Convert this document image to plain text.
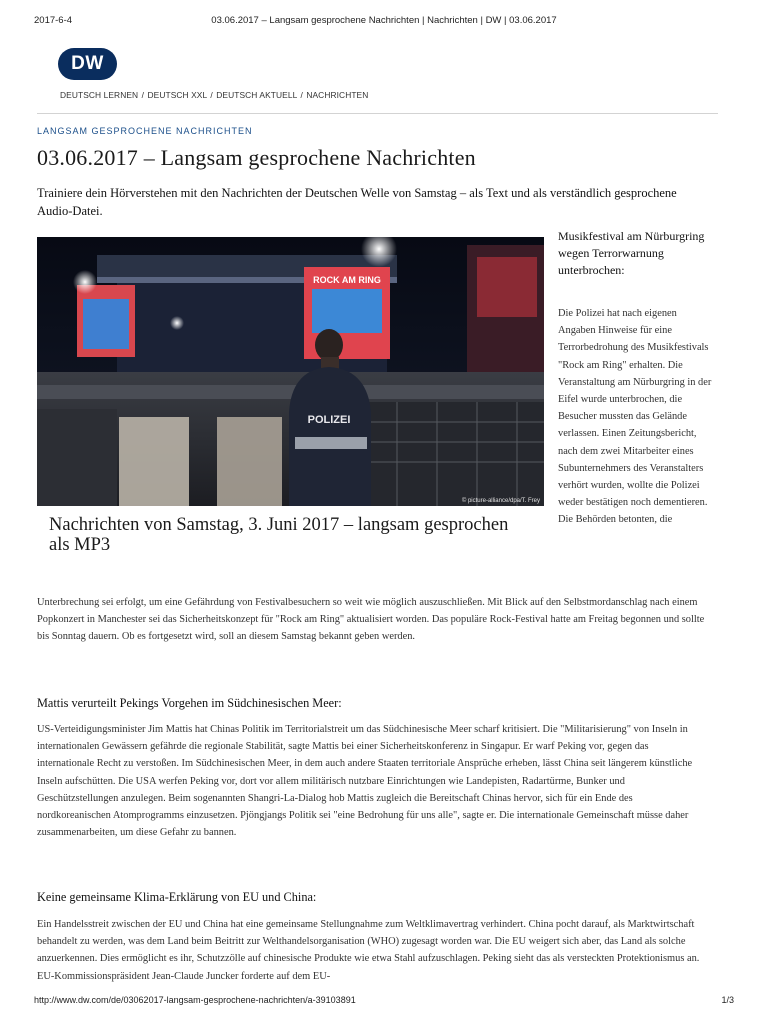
2017-6-4	03.06.2017 – Langsam gesprochene Nachrichten | Nachrichten | DW | 03.06.2017
DW
DEUTSCH LERNEN / DEUTSCH XXL / DEUTSCH AKTUELL / NACHRICHTEN
LANGSAM GESPROCHENE NACHRICHTEN
03.06.2017 – Langsam gesprochene Nachrichten

Trainiere dein Hörverstehen mit den Nachrichten der Deutschen Welle von Samstag – als Text und als verständlich gesprochene Audio-Datei.

ROCK AM RING
POLIZEI
© picture-alliance/dpa/T. Frey
Nachrichten von Samstag, 3. Juni 2017 – langsam gesprochen als MP3
Musikfestival am Nürburgring wegen Terrorwarnung unterbrochen:
Die Polizei hat nach eigenen Angaben Hinweise für eine Terrorbedrohung des Musikfestivals "Rock am Ring" erhalten. Die Veranstaltung am Nürburgring in der Eifel wurde unterbrochen, die Besucher mussten das Gelände verlassen. Einen Zeitungsbericht, nach dem zwei Mitarbeiter eines Subunternehmers des Veranstalters verhört wurden, wollte die Polizei weder bestätigen noch dementieren. Die Behörden betonten, die

Unterbrechung sei erfolgt, um eine Gefährdung von Festivalbesuchern so weit wie möglich auszuschließen. Mit Blick auf den Selbstmordanschlag nach einem Popkonzert in Manchester sei das Sicherheitskonzept für "Rock am Ring" aktualisiert worden. Das populäre Rock-Festival hatte am Freitag begonnen und sollte bis Sonntag dauern. Ob es fortgesetzt wird, soll an diesem Samstag bekannt geben werden.

Mattis verurteilt Pekings Vorgehen im Südchinesischen Meer:

US-Verteidigungsminister Jim Mattis hat Chinas Politik im Territorialstreit um das Südchinesische Meer scharf kritisiert. Die "Militarisierung" von Inseln in internationalen Gewässern gefährde die regionale Stabilität, sagte Mattis bei einer Sicherheitskonferenz in Singapur. Er warf Peking vor, gegen das internationale Recht zu verstoßen. Im Südchinesischen Meer, in dem auch andere Staaten territoriale Ansprüche erheben, lässt China seit längerem künstliche Inseln aufschütten. Die USA werfen Peking vor, dort vor allem militärisch nutzbare Einrichtungen wie Landepisten, Radartürme, Bunker und Geschützstellungen anzulegen. Beim sogenannten Shangri-La-Dialog hob Mattis zugleich die Bereitschaft Chinas hervor, sich für ein Ende des nordkoreanischen Atomprogramms einzusetzen. Pjöngjangs Politik sei "eine Bedrohung für uns alle", sagte er. Die internationale Gemeinschaft müsse daher zusammenarbeiten, um diese Gefahr zu bannen.

Keine gemeinsame Klima-Erklärung von EU und China:

Ein Handelsstreit zwischen der EU und China hat eine gemeinsame Stellungnahme zum Weltklimavertrag verhindert. China pocht darauf, als Marktwirtschaft behandelt zu werden, was dem Land beim Beitritt zur Welthandelsorganisation (WHO) zugesagt worden war. Die EU weigert sich aber, das Land als solche anzuerkennen. Dies ermöglicht es ihr, Schutzzölle auf chinesische Produkte wie etwa Stahl aufzuschlagen. Peking sieht das als versteckten Protektionismus an. EU-Kommissionspräsident Jean-Claude Juncker forderte auf dem EU-

http://www.dw.com/de/03062017-langsam-gesprochene-nachrichten/a-39103891	1/3
